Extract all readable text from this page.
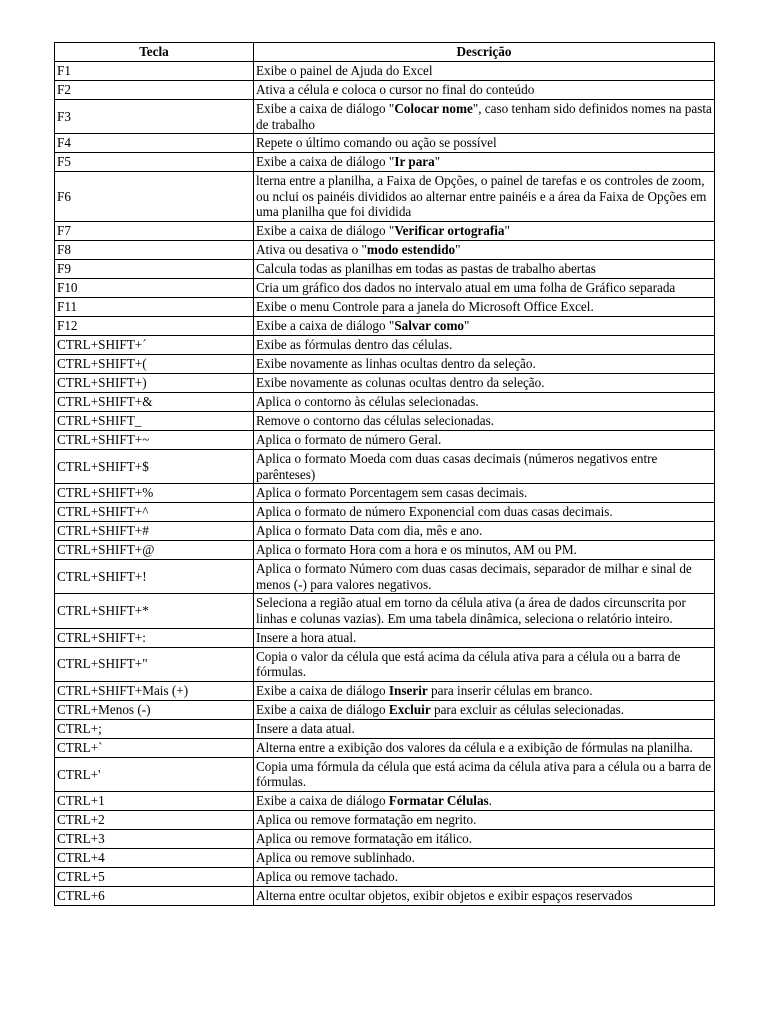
Tecla	Descrição
F1	Exibe o painel de Ajuda do Excel
F2	Ativa a célula e coloca o cursor no final do conteúdo
F3	Exibe a caixa de diálogo "Colocar nome", caso tenham sido definidos nomes na pasta de trabalho
F4	Repete o último comando ou ação se possível
F5	Exibe a caixa de diálogo "Ir para"
F6	lterna entre a planilha, a Faixa de Opções, o painel de tarefas e os controles de zoom, ou nclui os painéis divididos ao alternar entre painéis e a área da Faixa de Opções em uma planilha que foi dividida
F7	Exibe a caixa de diálogo "Verificar ortografia"
F8	Ativa ou desativa o "modo estendido"
F9	Calcula todas as planilhas em todas as pastas de trabalho abertas
F10	Cria um gráfico dos dados no intervalo atual em uma folha de Gráfico separada
F11	Exibe o menu Controle para a janela do Microsoft Office Excel.
F12	Exibe a caixa de diálogo "Salvar como"
CTRL+SHIFT+´	Exibe as fórmulas dentro das células.
CTRL+SHIFT+(	Exibe novamente as linhas ocultas dentro da seleção.
CTRL+SHIFT+)	Exibe novamente as colunas ocultas dentro da seleção.
CTRL+SHIFT+&	Aplica o contorno às células selecionadas.
CTRL+SHIFT_	Remove o contorno das células selecionadas.
CTRL+SHIFT+~	Aplica o formato de número Geral.
CTRL+SHIFT+$	Aplica o formato Moeda com duas casas decimais (números negativos entre parênteses)
CTRL+SHIFT+%	Aplica o formato Porcentagem sem casas decimais.
CTRL+SHIFT+^	Aplica o formato de número Exponencial com duas casas decimais.
CTRL+SHIFT+#	Aplica o formato Data com dia, mês e ano.
CTRL+SHIFT+@	Aplica o formato Hora com a hora e os minutos, AM ou PM.
CTRL+SHIFT+!	Aplica o formato Número com duas casas decimais, separador de milhar e sinal de menos (-) para valores negativos.
CTRL+SHIFT+*	Seleciona a região atual em torno da célula ativa (a área de dados circunscrita por linhas e colunas vazias). Em uma tabela dinâmica, seleciona o relatório inteiro.
CTRL+SHIFT+:	Insere a hora atual.
CTRL+SHIFT+"	Copia o valor da célula que está acima da célula ativa para a célula ou a barra de fórmulas.
CTRL+SHIFT+Mais (+)	Exibe a caixa de diálogo Inserir para inserir células em branco.
CTRL+Menos (-)	Exibe a caixa de diálogo Excluir para excluir as células selecionadas.
CTRL+;	Insere a data atual.
CTRL+`	Alterna entre a exibição dos valores da célula e a exibição de fórmulas na planilha.
CTRL+'	Copia uma fórmula da célula que está acima da célula ativa para a célula ou a barra de fórmulas.
CTRL+1	Exibe a caixa de diálogo Formatar Células.
CTRL+2	Aplica ou remove formatação em negrito.
CTRL+3	Aplica ou remove formatação em itálico.
CTRL+4	Aplica ou remove sublinhado.
CTRL+5	Aplica ou remove tachado.
CTRL+6	Alterna entre ocultar objetos, exibir objetos e exibir espaços reservados
